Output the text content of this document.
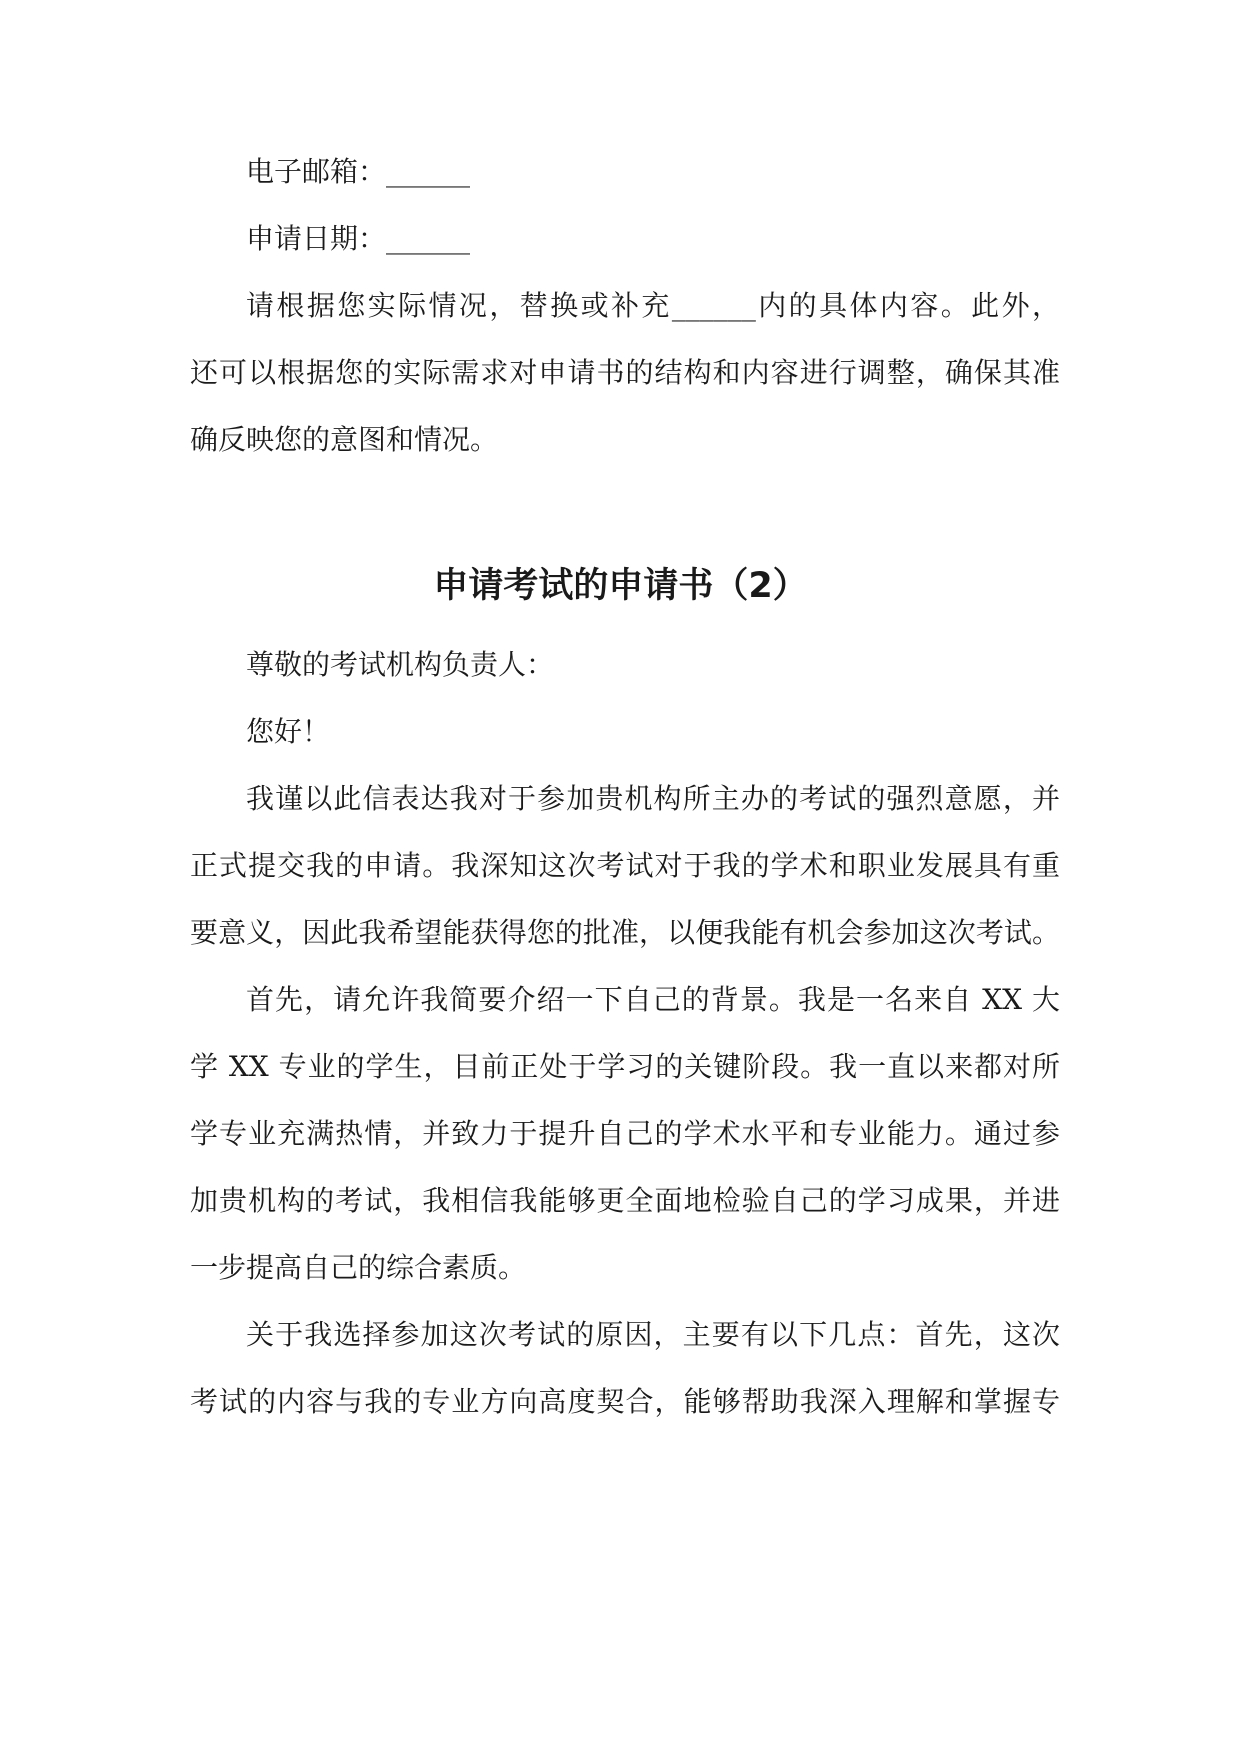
电子邮箱：______
申请日期：______
请根据您实际情况，替换或补充______内的具体内容。此外，
还可以根据您的实际需求对申请书的结构和内容进行调整，确保其准
确反映您的意图和情况。
申请考试的申请书（2）
尊敬的考试机构负责人：
您好！
我谨以此信表达我对于参加贵机构所主办的考试的强烈意愿，并
正式提交我的申请。我深知这次考试对于我的学术和职业发展具有重
要意义，因此我希望能获得您的批准，以便我能有机会参加这次考试。
首先，请允许我简要介绍一下自己的背景。我是一名来自 XX 大
学 XX 专业的学生，目前正处于学习的关键阶段。我一直以来都对所
学专业充满热情，并致力于提升自己的学术水平和专业能力。通过参
加贵机构的考试，我相信我能够更全面地检验自己的学习成果，并进
一步提高自己的综合素质。
关于我选择参加这次考试的原因，主要有以下几点：首先，这次
考试的内容与我的专业方向高度契合，能够帮助我深入理解和掌握专
